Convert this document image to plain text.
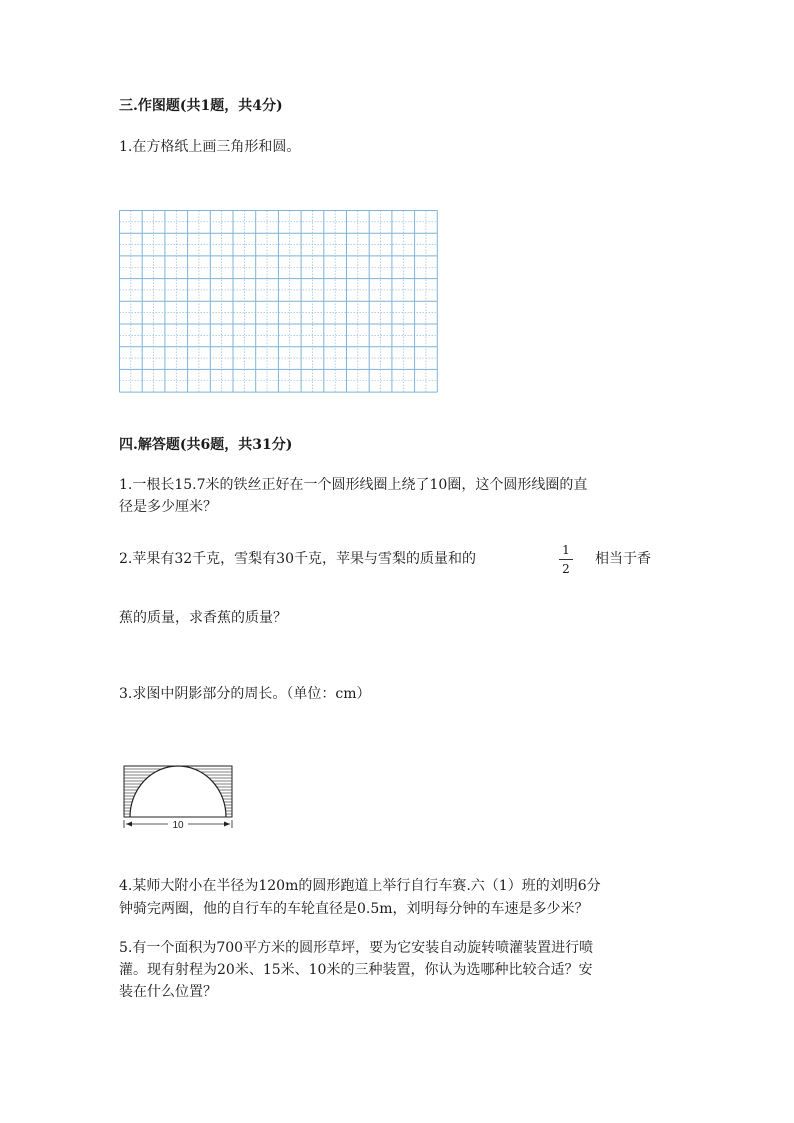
三.作图题(共1题，共4分)
1.在方格纸上画三角形和圆。
四.解答题(共6题，共31分)
1.一根长15.7米的铁丝正好在一个圆形线圈上绕了10圈，这个圆形线圈的直
径是多少厘米？
2.苹果有32千克，雪梨有30千克，苹果与雪梨的质量和的
1
2
相当于香
蕉的质量，求香蕉的质量？
3.求图中阴影部分的周长。（单位：cm）
10
4.某师大附小在半径为120m的圆形跑道上举行自行车赛.六（1）班的刘明6分
钟骑完两圈，他的自行车的车轮直径是0.5m，刘明每分钟的车速是多少米？
5.有一个面积为700平方米的圆形草坪，要为它安装自动旋转喷灌装置进行喷
灌。现有射程为20米、15米、10米的三种装置，你认为选哪种比较合适？安
装在什么位置？
